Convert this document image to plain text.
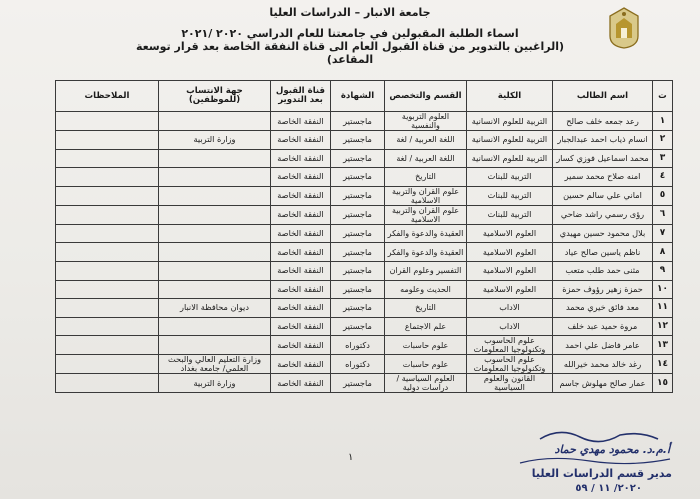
جامعة الانبار – الدراسات العليا
اسماء الطلبة المقبولين في جامعتنا للعام الدراسي ٢٠٢٠ /٢٠٢١
(الراغبين بالتدوير من قناة القبول العام الى قناة النفقة الخاصة بعد قرار توسعة المقاعد)
ت	اسم الطالب	الكلية	القسم والتخصص	الشهادة	قناة القبول بعد التدوير	جهة الانتساب (للموظفين)	الملاحظات
١	رعد جمعه خلف صالح	التربية للعلوم الانسانية	العلوم التربوية والنفسية	ماجستير	النفقة الخاصة		
٢	انسام ذياب احمد عبدالجبار	التربية للعلوم الانسانية	اللغة العربية / لغة	ماجستير	النفقة الخاصة	وزارة التربية	
٣	محمد اسماعيل فوزي كسار	التربية للعلوم الانسانية	اللغة العربية / لغة	ماجستير	النفقة الخاصة		
٤	امنه صلاح محمد سمير	التربية للبنات	التاريخ	ماجستير	النفقة الخاصة		
٥	اماني علي سالم حسين	التربية للبنات	علوم القران والتربية الاسلامية	ماجستير	النفقة الخاصة		
٦	رؤى رسمي راشد ضاحي	التربية للبنات	علوم القران والتربية الاسلامية	ماجستير	النفقة الخاصة		
٧	بلال محمود حسين مهيدي	العلوم الاسلامية	العقيدة والدعوة والفكر	ماجستير	النفقة الخاصة		
٨	ناظم ياسين صالح عياد	العلوم الاسلامية	العقيدة والدعوة والفكر	ماجستير	النفقة الخاصة		
٩	مثنى حمد طلب متعب	العلوم الاسلامية	التفسير وعلوم القران	ماجستير	النفقة الخاصة		
١٠	حمزة زهير رؤوف حمزة	العلوم الاسلامية	الحديث وعلومه	ماجستير	النفقة الخاصة		
١١	معد فائق خيري محمد	الاداب	التاريخ	ماجستير	النفقة الخاصة	ديوان محافظة الانبار	
١٢	مروة حميد عبد خلف	الاداب	علم الاجتماع	ماجستير	النفقة الخاصة		
١٣	عامر فاضل علي احمد	علوم الحاسوب وتكنولوجيا المعلومات	علوم حاسبات	دكتوراه	النفقة الخاصة		
١٤	رغد خالد محمد خيرالله	علوم الحاسوب وتكنولوجيا المعلومات	علوم حاسبات	دكتوراه	النفقة الخاصة	وزارة التعليم العالي والبحث العلمي/ جامعة بغداد	
١٥	عمار صالح مهلوش جاسم	القانون والعلوم السياسية	العلوم السياسية / دراسات دولية	ماجستير	النفقة الخاصة	وزارة التربية	
١
أ.م.د. محمود مهدي حماد
مدير قسم الدراسات العليا
٢٠٢٠/ ١١ / ٥٩
